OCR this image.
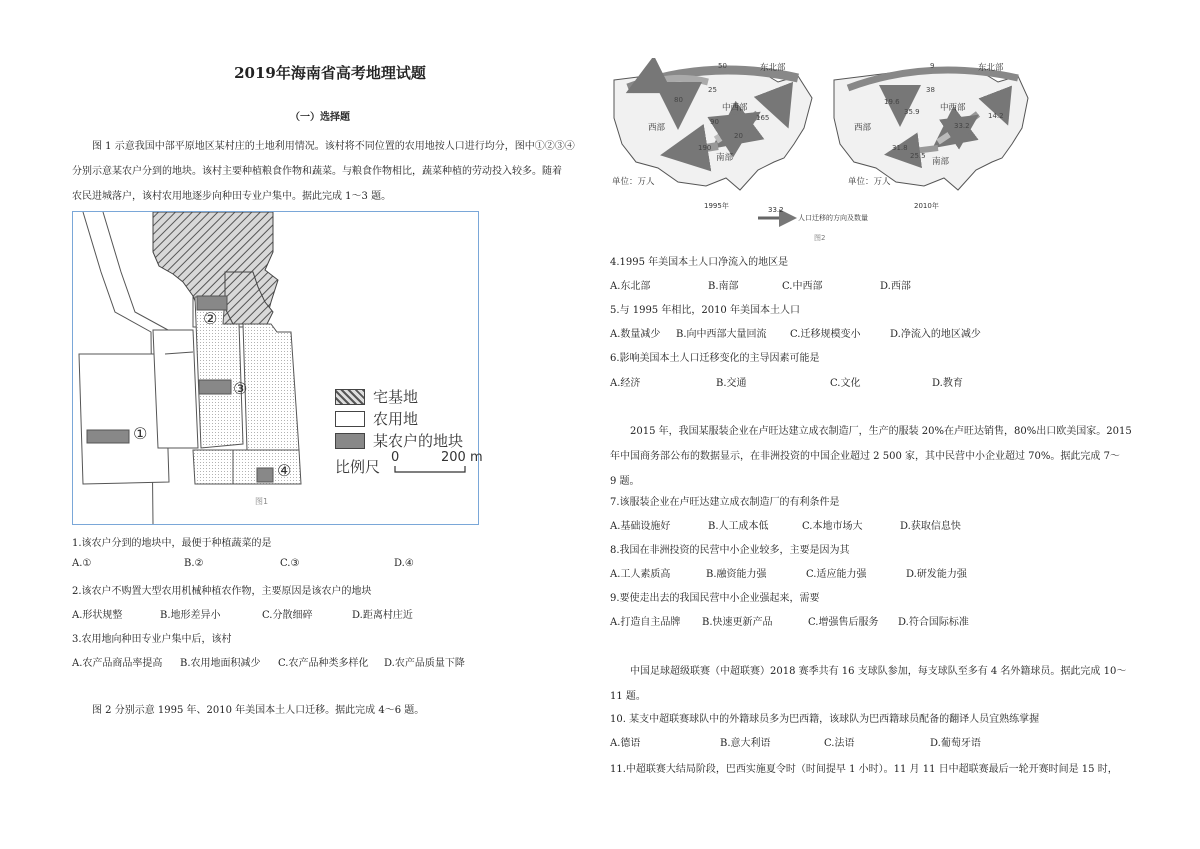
2019年海南省高考地理试题
（一）选择题
图 1 示意我国中部平原地区某村庄的土地利用情况。该村将不同位置的农用地按人口进行均分，图中①②③④
分别示意某农户分到的地块。该村主要种植粮食作物和蔬菜。与粮食作物相比，蔬菜种植的劳动投入较多。随着
农民进城落户，该村农用地逐步向种田专业户集中。据此完成 1～3 题。
①
②
③
④
图1
宅基地
农用地
某农户的地块
比例尺
0	200 m
1.该农户分到的地块中，最便于种植蔬菜的是
A.①	B.②	C.③	D.④
2.该农户不购置大型农用机械种植农作物，主要原因是该农户的地块
A.形状规整	B.地形差异小	C.分散细碎	D.距离村庄近
3.农用地向种田专业户集中后，该村
A.农产品商品率提高 B.农用地面积减少 C.农产品种类多样化 D.农产品质量下降
图 2 分别示意 1995 年、2010 年美国本土人口迁移。据此完成 4～6 题。
东北部
中西部
西部
南部
东北部
中西部
西部
南部
单位：万人	单位：万人
1995年	2010年
33.2
人口迁移的方向及数量
图2
50
25
80
90	165
20
190
9
38
19.6
35.9	14.2
33.2
31.8
25.5
4.1995 年美国本土人口净流入的地区是
A.东北部	B.南部	C.中西部	D.西部
5.与 1995 年相比，2010 年美国本土人口
A.数量减少 B.向中西部大量回流 C.迁移规模变小	D.净流入的地区减少
6.影响美国本土人口迁移变化的主导因素可能是
A.经济	B.交通	C.文化	D.教育
2015 年，我国某服装企业在卢旺达建立成衣制造厂，生产的服装 20%在卢旺达销售，80%出口欧美国家。2015
年中国商务部公布的数据显示，在非洲投资的中国企业超过 2 500 家，其中民营中小企业超过 70%。据此完成 7～
9 题。
7.该服装企业在卢旺达建立成衣制造厂的有利条件是
A.基础设施好	B.人工成本低	C.本地市场大	D.获取信息快
8.我国在非洲投资的民营中小企业较多，主要是因为其
A.工人素质高	B.融资能力强	C.适应能力强	D.研发能力强
9.要使走出去的我国民营中小企业强起来，需要
A.打造自主品牌 B.快速更新产品	C.增强售后服务 D.符合国际标准
中国足球超级联赛（中超联赛）2018 赛季共有 16 支球队参加，每支球队至多有 4 名外籍球员。据此完成 10～
11 题。
10. 某支中超联赛球队中的外籍球员多为巴西籍，该球队为巴西籍球员配备的翻译人员宜熟练掌握
A.德语	B.意大利语	C.法语	D.葡萄牙语
11.中超联赛大结局阶段，巴西实施夏令时（时间提早 1 小时）。11 月 11 日中超联赛最后一轮开赛时间是 15 时，
